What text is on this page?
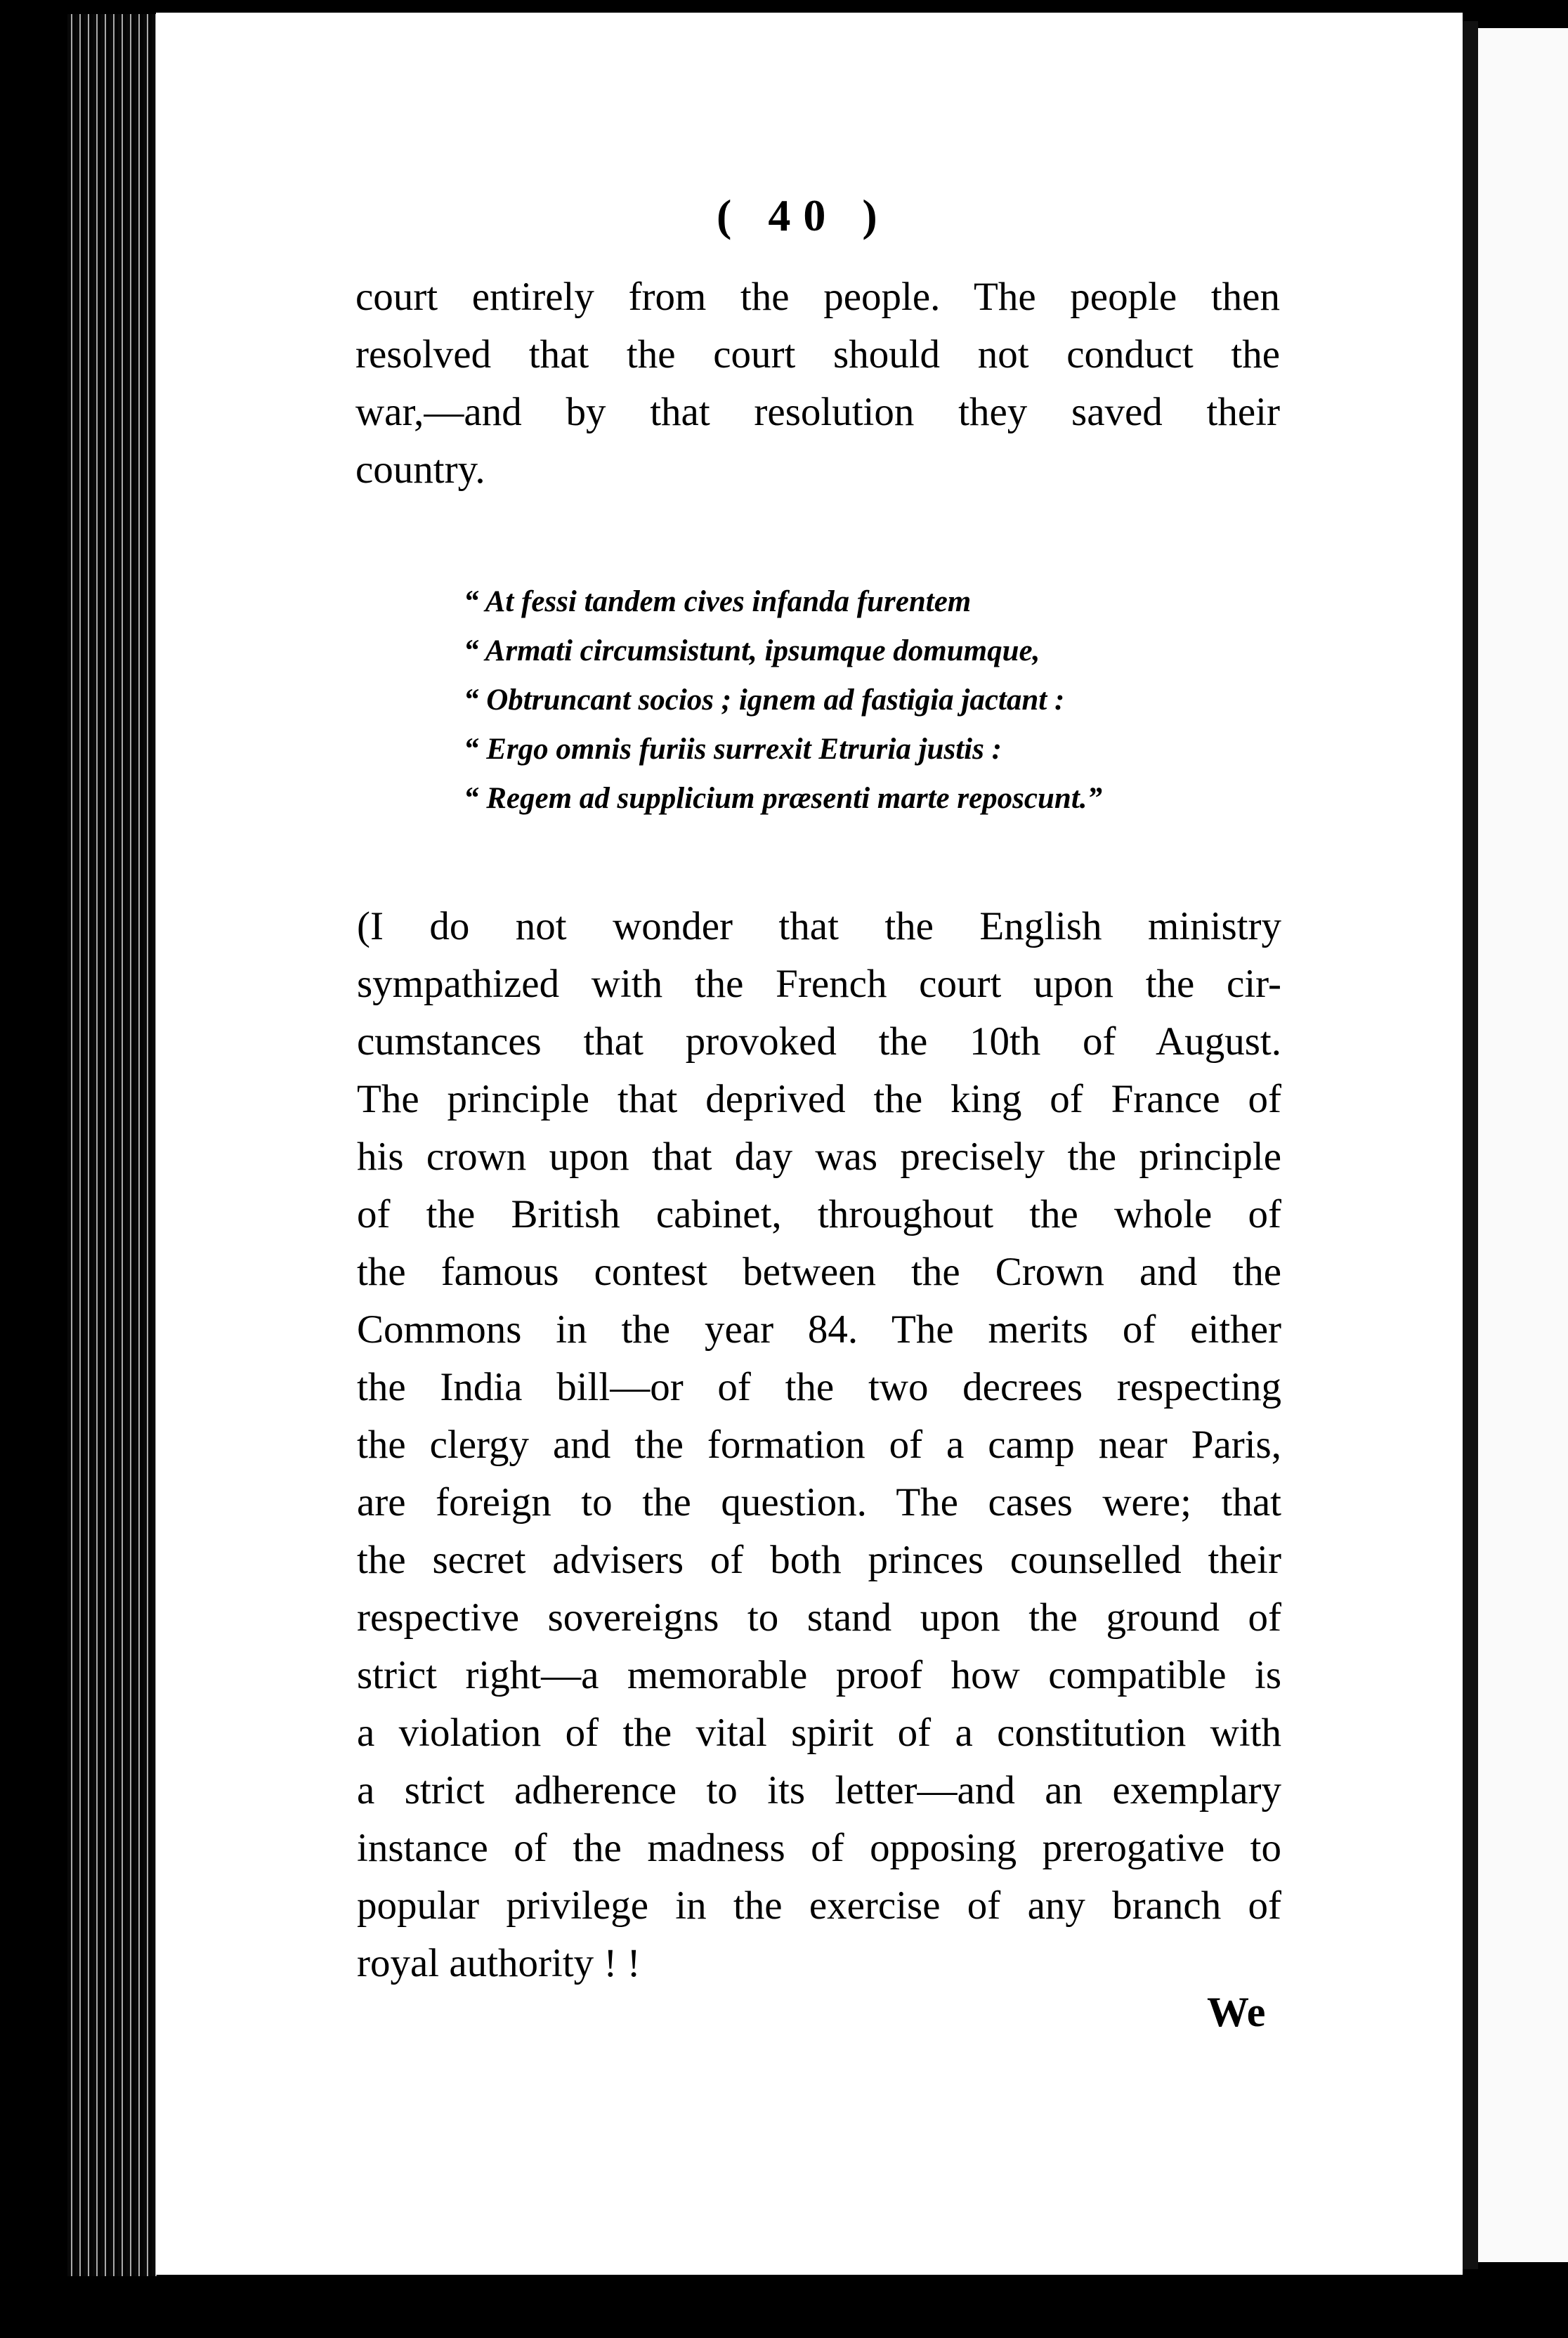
( 40 )
court entirely from the people. The people then
resolved that the court should not conduct the
war,—and by that resolution they saved their
country.
“ At fessi tandem cives infanda furentem
“ Armati circumsistunt, ipsumque domumque,
“ Obtruncant socios ; ignem ad fastigia jactant :
“ Ergo omnis furiis surrexit Etruria justis :
“ Regem ad supplicium præsenti marte reposcunt.”
(I do not wonder that the English ministry
sympathized with the French court upon the cir-
cumstances that provoked the 10th of August.
The principle that deprived the king of France of
his crown upon that day was precisely the principle
of the British cabinet, throughout the whole of
the famous contest between the Crown and the
Commons in the year 84. The merits of either
the India bill—or of the two decrees respecting
the clergy and the formation of a camp near Paris,
are foreign to the question. The cases were; that
the secret advisers of both princes counselled their
respective sovereigns to stand upon the ground of
strict right—a memorable proof how compatible is
a violation of the vital spirit of a constitution with
a strict adherence to its letter—and an exemplary
instance of the madness of opposing prerogative to
popular privilege in the exercise of any branch of
royal authority ! !
We
